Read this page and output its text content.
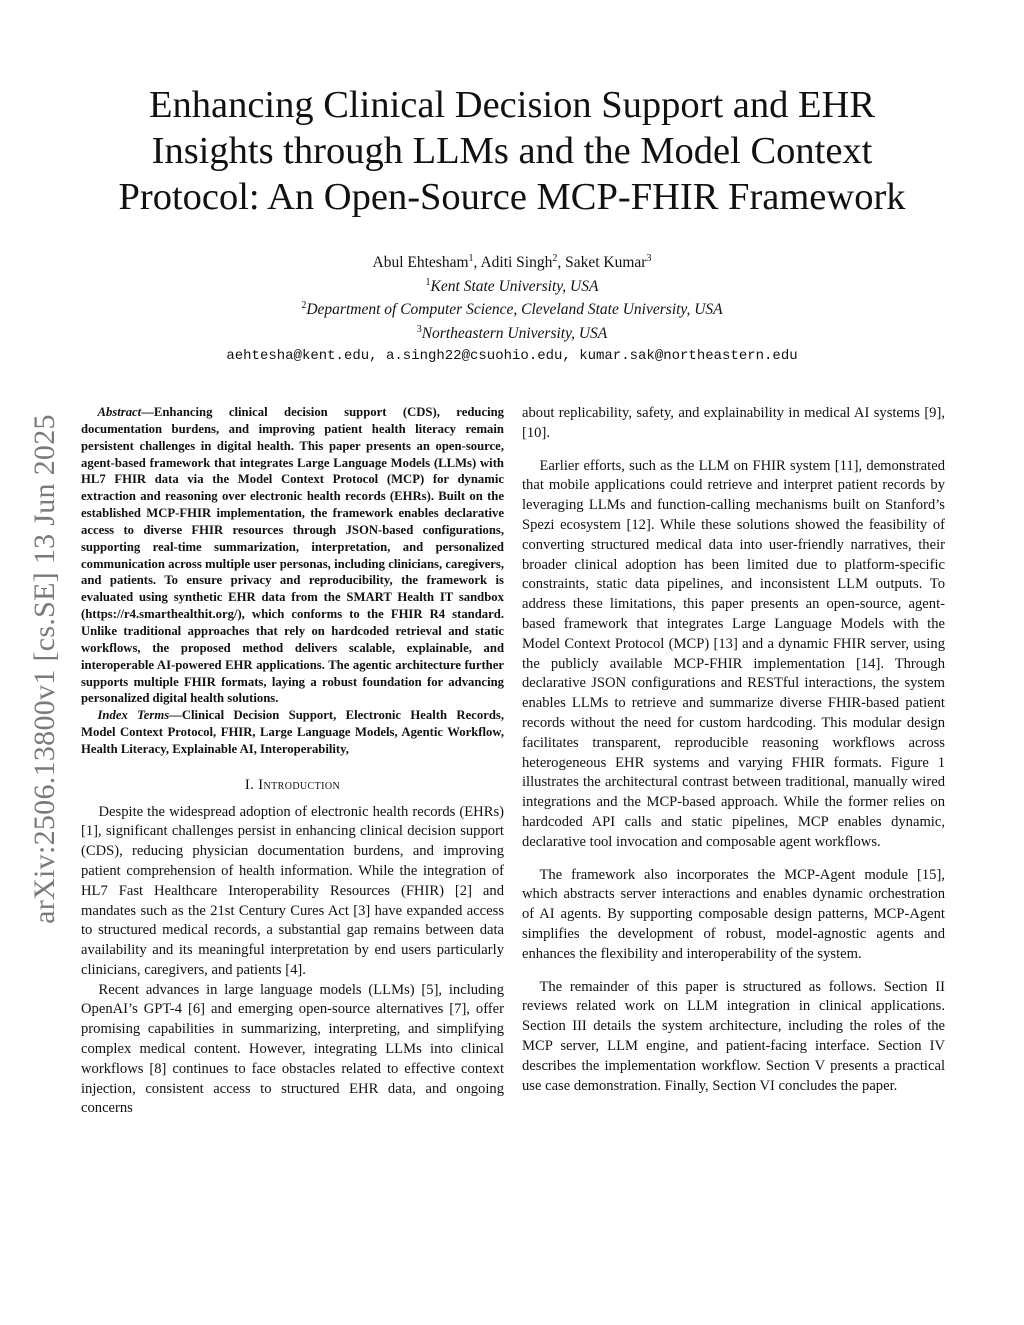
arXiv:2506.13800v1 [cs.SE] 13 Jun 2025
Enhancing Clinical Decision Support and EHR
Insights through LLMs and the Model Context
Protocol: An Open-Source MCP-FHIR Framework
Abul Ehtesham$^1$, Aditi Singh$^2$, Saket Kumar$^3$
$^1$Kent State University, USA
$^2$Department of Computer Science, Cleveland State University, USA
$^3$Northeastern University, USA
aehtesha@kent.edu, a.singh22@csuohio.edu, kumar.sak@northeastern.edu

Abstract—Enhancing clinical decision support (CDS), reducing documentation burdens, and improving patient health literacy remain persistent challenges in digital health. This paper presents an open-source, agent-based framework that integrates Large Language Models (LLMs) with HL7 FHIR data via the Model Context Protocol (MCP) for dynamic extraction and reasoning over electronic health records (EHRs). Built on the established MCP-FHIR implementation, the framework enables declarative access to diverse FHIR resources through JSON-based configurations, supporting real-time summarization, interpretation, and personalized communication across multiple user personas, including clinicians, caregivers, and patients. To ensure privacy and reproducibility, the framework is evaluated using synthetic EHR data from the SMART Health IT sandbox (https://r4.smarthealthit.org/), which conforms to the FHIR R4 standard. Unlike traditional approaches that rely on hardcoded retrieval and static workflows, the proposed method delivers scalable, explainable, and interoperable AI-powered EHR applications. The agentic architecture further supports multiple FHIR formats, laying a robust foundation for advancing personalized digital health solutions.

Index Terms—Clinical Decision Support, Electronic Health Records, Model Context Protocol, FHIR, Large Language Models, Agentic Workflow, Health Literacy, Explainable AI, Interoperability,

I. Introduction

Despite the widespread adoption of electronic health records (EHRs) [1], significant challenges persist in enhancing clinical decision support (CDS), reducing physician documentation burdens, and improving patient comprehension of health information. While the integration of HL7 Fast Healthcare Interoperability Resources (FHIR) [2] and mandates such as the 21st Century Cures Act [3] have expanded access to structured medical records, a substantial gap remains between data availability and its meaningful interpretation by end users particularly clinicians, caregivers, and patients [4].

Recent advances in large language models (LLMs) [5], including OpenAI’s GPT-4 [6] and emerging open-source alternatives [7], offer promising capabilities in summarizing, interpreting, and simplifying complex medical content. However, integrating LLMs into clinical workflows [8] continues to face obstacles related to effective context injection, consistent access to structured EHR data, and ongoing concerns

about replicability, safety, and explainability in medical AI systems [9], [10].

Earlier efforts, such as the LLM on FHIR system [11], demonstrated that mobile applications could retrieve and interpret patient records by leveraging LLMs and function-calling mechanisms built on Stanford’s Spezi ecosystem [12]. While these solutions showed the feasibility of converting structured medical data into user-friendly narratives, their broader clinical adoption has been limited due to platform-specific constraints, static data pipelines, and inconsistent LLM outputs. To address these limitations, this paper presents an open-source, agent-based framework that integrates Large Language Models with the Model Context Protocol (MCP) [13] and a dynamic FHIR server, using the publicly available MCP-FHIR implementation [14]. Through declarative JSON configurations and RESTful interactions, the system enables LLMs to retrieve and summarize diverse FHIR-based patient records without the need for custom hardcoding. This modular design facilitates transparent, reproducible reasoning workflows across heterogeneous EHR systems and varying FHIR formats. Figure 1 illustrates the architectural contrast between traditional, manually wired integrations and the MCP-based approach. While the former relies on hardcoded API calls and static pipelines, MCP enables dynamic, declarative tool invocation and composable agent workflows.

The framework also incorporates the MCP-Agent module [15], which abstracts server interactions and enables dynamic orchestration of AI agents. By supporting composable design patterns, MCP-Agent simplifies the development of robust, model-agnostic agents and enhances the flexibility and interoperability of the system.

The remainder of this paper is structured as follows. Section II reviews related work on LLM integration in clinical applications. Section III details the system architecture, including the roles of the MCP server, LLM engine, and patient-facing interface. Section IV describes the implementation workflow. Section V presents a practical use case demonstration. Finally, Section VI concludes the paper.
